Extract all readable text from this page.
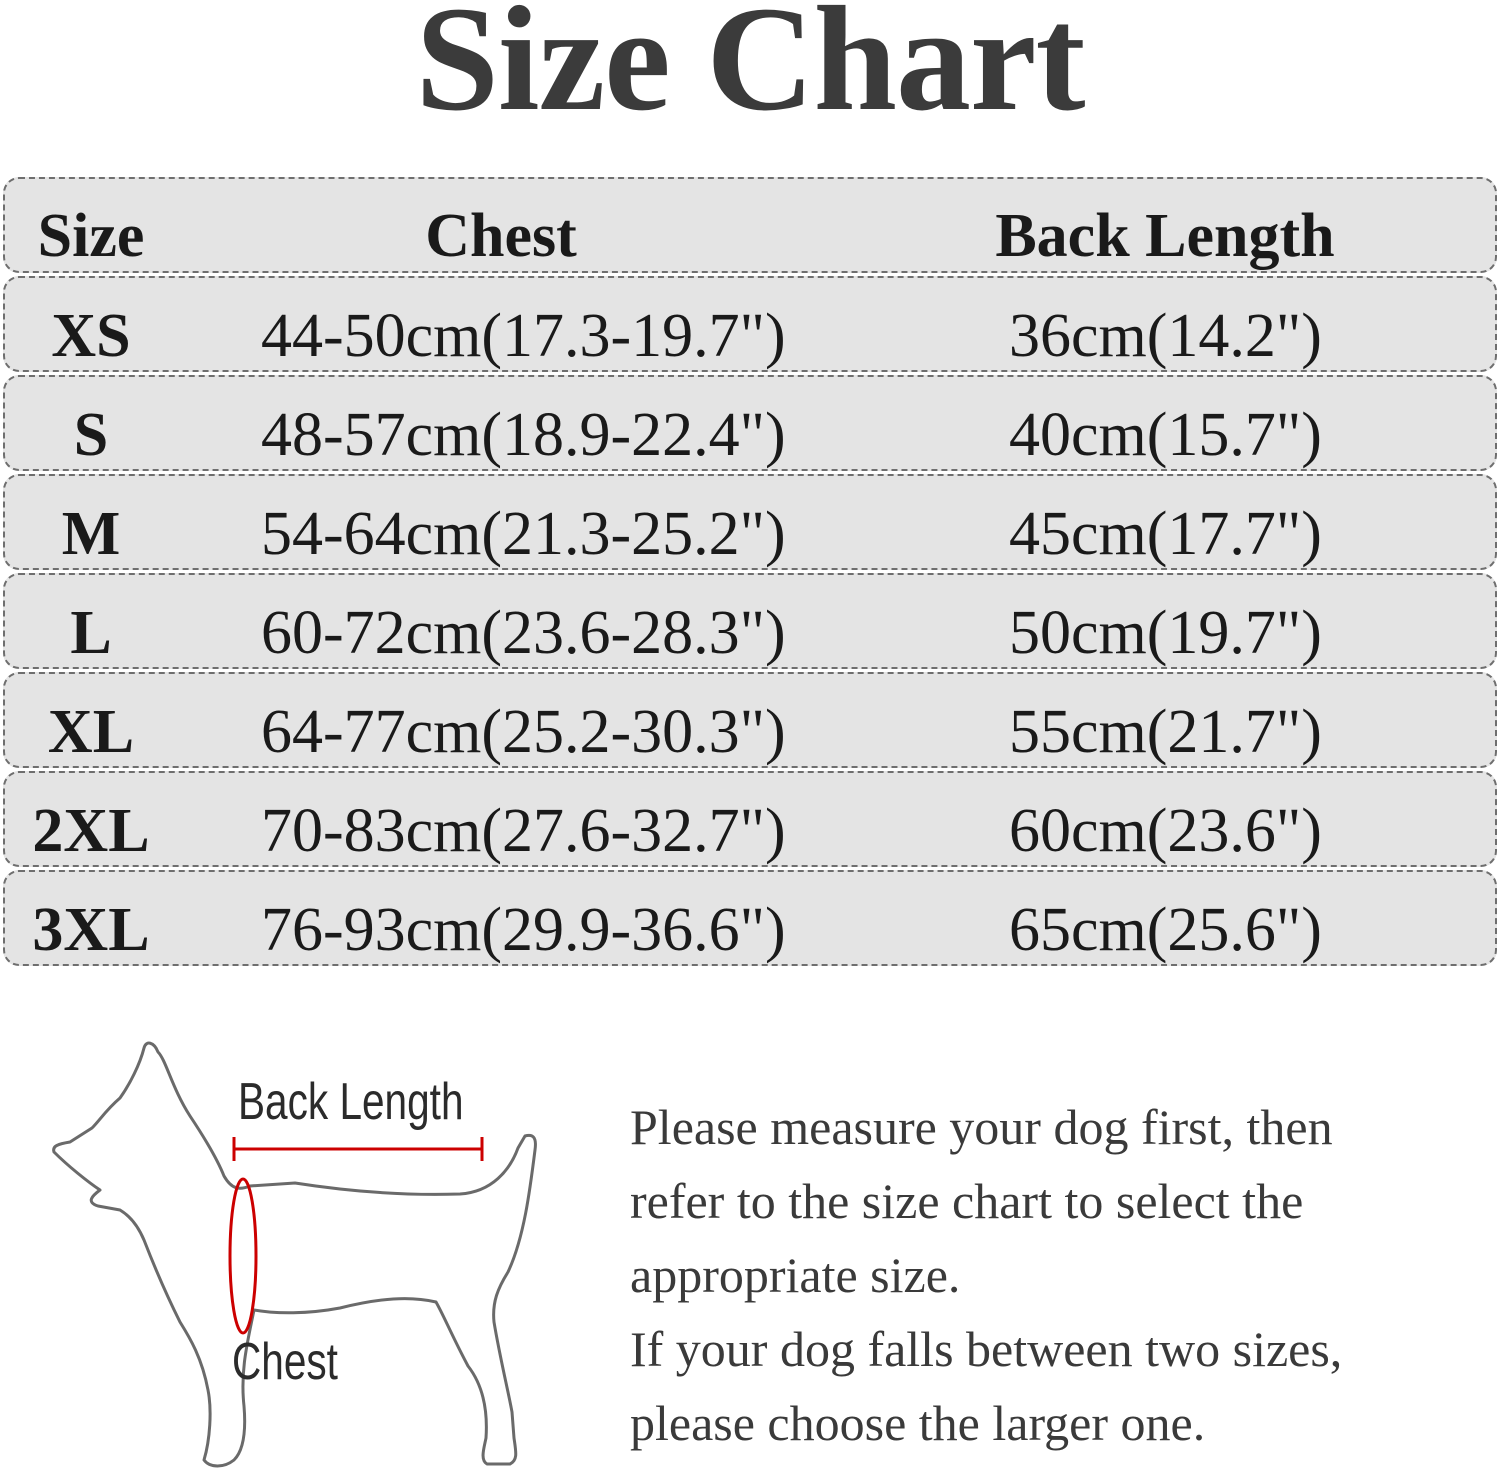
Size Chart
Size	Chest	Back Length
XS	44-50cm(17.3-19.7")	36cm(14.2")
S	48-57cm(18.9-22.4")	40cm(15.7")
M	54-64cm(21.3-25.2")	45cm(17.7")
L	60-72cm(23.6-28.3")	50cm(19.7")
XL	64-77cm(25.2-30.3")	55cm(21.7")
2XL	70-83cm(27.6-32.7")	60cm(23.6")
3XL	76-93cm(29.9-36.6")	65cm(25.6")
Back Length
Chest

Please measure your dog first, then

refer to the size chart to select the

appropriate size.

If your dog falls between two sizes,

please choose the larger one.
